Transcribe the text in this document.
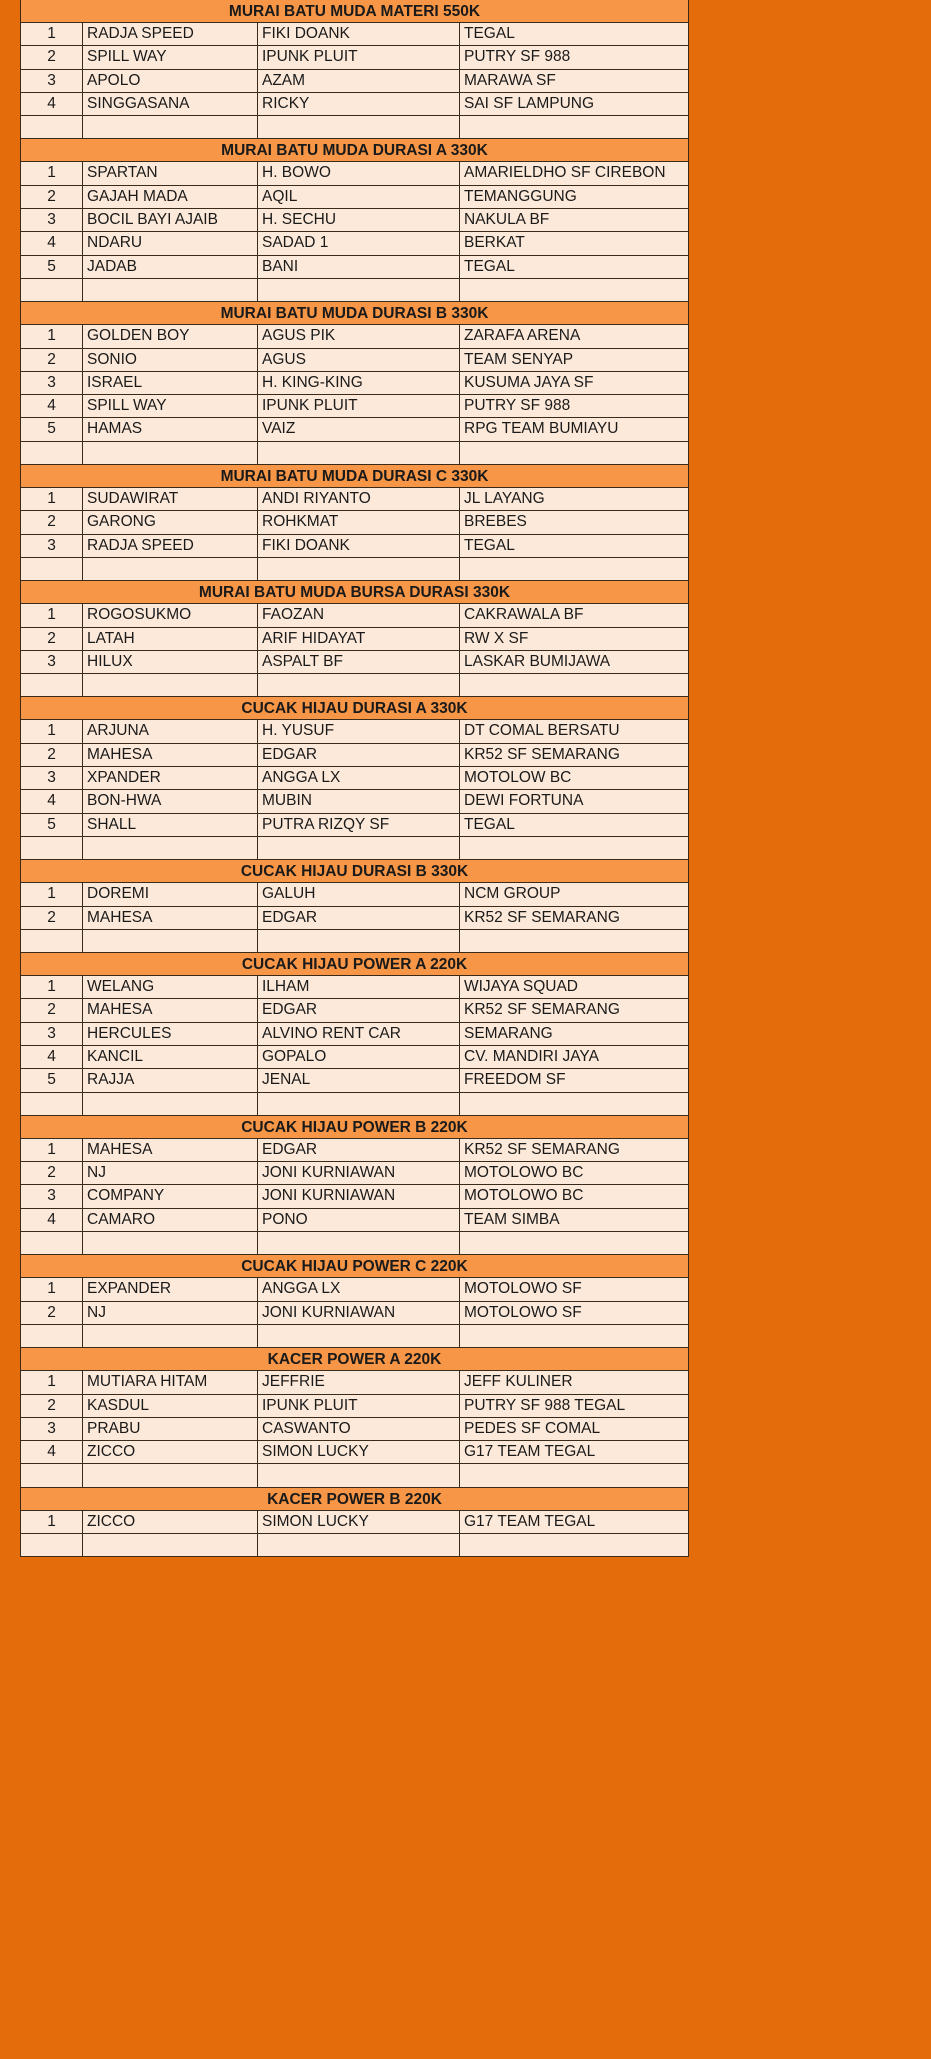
MURAI BATU MUDA MATERI 550K
1	RADJA SPEED	FIKI DOANK	TEGAL
2	SPILL WAY	IPUNK PLUIT	PUTRY SF 988
3	APOLO	AZAM	MARAWA SF
4	SINGGASANA	RICKY	SAI SF LAMPUNG
MURAI BATU MUDA DURASI A 330K
1	SPARTAN	H. BOWO	AMARIELDHO SF CIREBON
2	GAJAH MADA	AQIL	TEMANGGUNG
3	BOCIL BAYI AJAIB	H. SECHU	NAKULA BF
4	NDARU	SADAD 1	BERKAT
5	JADAB	BANI	TEGAL
MURAI BATU MUDA DURASI B 330K
1	GOLDEN BOY	AGUS PIK	ZARAFA ARENA
2	SONIO	AGUS	TEAM SENYAP
3	ISRAEL	H. KING-KING	KUSUMA JAYA SF
4	SPILL WAY	IPUNK PLUIT	PUTRY SF 988
5	HAMAS	VAIZ	RPG TEAM BUMIAYU
MURAI BATU MUDA DURASI C 330K
1	SUDAWIRAT	ANDI RIYANTO	JL LAYANG
2	GARONG	ROHKMAT	BREBES
3	RADJA SPEED	FIKI DOANK	TEGAL
MURAI BATU MUDA BURSA DURASI 330K
1	ROGOSUKMO	FAOZAN	CAKRAWALA BF
2	LATAH	ARIF HIDAYAT	RW X SF
3	HILUX	ASPALT BF	LASKAR BUMIJAWA
CUCAK HIJAU DURASI A 330K
1	ARJUNA	H. YUSUF	DT COMAL BERSATU
2	MAHESA	EDGAR	KR52 SF SEMARANG
3	XPANDER	ANGGA LX	MOTOLOW BC
4	BON-HWA	MUBIN	DEWI FORTUNA
5	SHALL	PUTRA RIZQY SF	TEGAL
CUCAK HIJAU DURASI B 330K
1	DOREMI	GALUH	NCM GROUP
2	MAHESA	EDGAR	KR52 SF SEMARANG
CUCAK HIJAU POWER A 220K
1	WELANG	ILHAM	WIJAYA SQUAD
2	MAHESA	EDGAR	KR52 SF SEMARANG
3	HERCULES	ALVINO RENT CAR	SEMARANG
4	KANCIL	GOPALO	CV. MANDIRI JAYA
5	RAJJA	JENAL	FREEDOM SF
CUCAK HIJAU POWER B 220K
1	MAHESA	EDGAR	KR52 SF SEMARANG
2	NJ	JONI KURNIAWAN	MOTOLOWO BC
3	COMPANY	JONI KURNIAWAN	MOTOLOWO BC
4	CAMARO	PONO	TEAM SIMBA
CUCAK HIJAU POWER C 220K
1	EXPANDER	ANGGA LX	MOTOLOWO SF
2	NJ	JONI KURNIAWAN	MOTOLOWO SF
KACER POWER A 220K
1	MUTIARA HITAM	JEFFRIE	JEFF KULINER
2	KASDUL	IPUNK PLUIT	PUTRY SF 988 TEGAL
3	PRABU	CASWANTO	PEDES SF COMAL
4	ZICCO	SIMON LUCKY	G17 TEAM TEGAL
KACER POWER B 220K
1	ZICCO	SIMON LUCKY	G17 TEAM TEGAL
